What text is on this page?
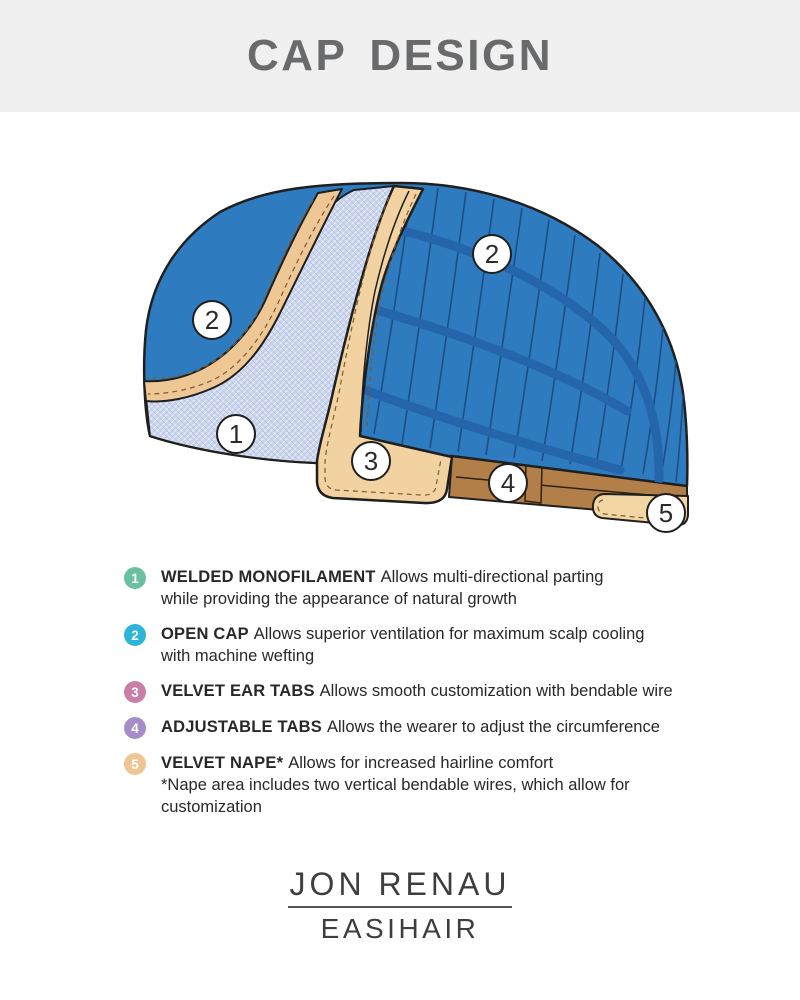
CAP DESIGN
2
2
1
3
4
5
1	WELDED MONOFILAMENT Allows multi-directional parting
while providing the appearance of natural growth
2	OPEN CAP Allows superior ventilation for maximum scalp cooling
with machine wefting
3	VELVET EAR TABS Allows smooth customization with bendable wire
4	ADJUSTABLE TABS Allows the wearer to adjust the circumference
5	VELVET NAPE* Allows for increased hairline comfort
*Nape area includes two vertical bendable wires, which allow for
customization
JON RENAU
EASIHAIR
